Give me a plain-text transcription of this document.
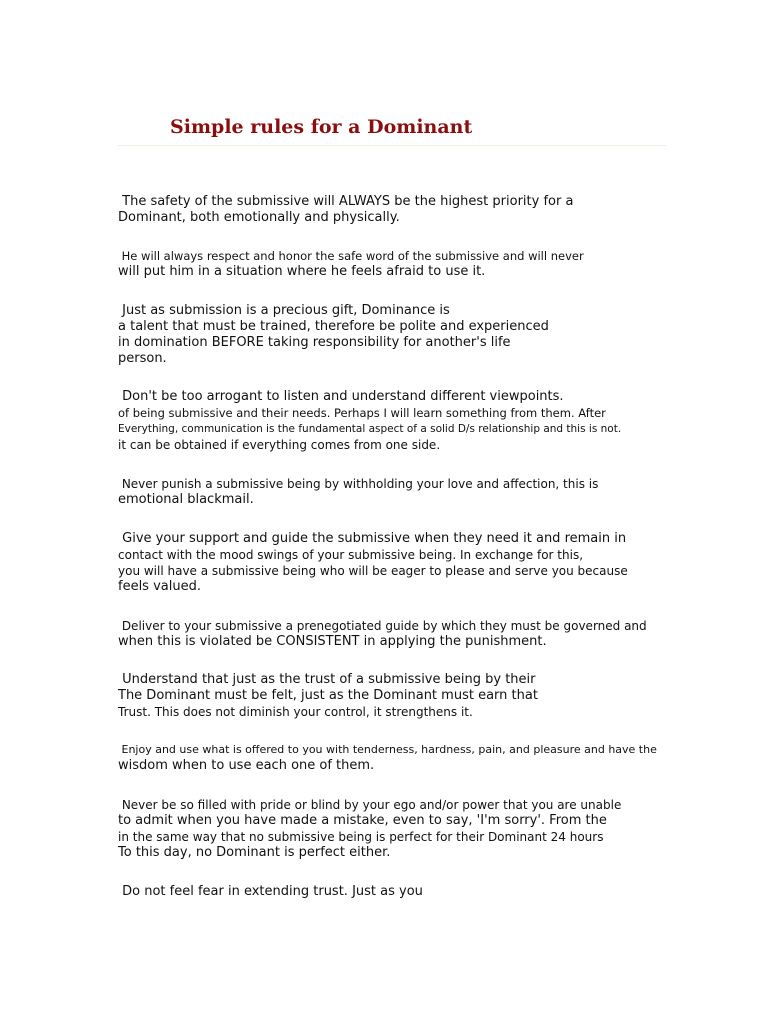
Simple rules for a Dominant

The safety of the submissive will ALWAYS be the highest priority for a
Dominant, both emotionally and physically.

He will always respect and honor the safe word of the submissive and will never
will put him in a situation where he feels afraid to use it.

Just as submission is a precious gift, Dominance is
a talent that must be trained, therefore be polite and experienced
in domination BEFORE taking responsibility for another's life
person.

Don't be too arrogant to listen and understand different viewpoints.
of being submissive and their needs. Perhaps I will learn something from them. After
Everything, communication is the fundamental aspect of a solid D/s relationship and this is not.
it can be obtained if everything comes from one side.

Never punish a submissive being by withholding your love and affection, this is
emotional blackmail.

Give your support and guide the submissive when they need it and remain in
contact with the mood swings of your submissive being. In exchange for this,
you will have a submissive being who will be eager to please and serve you because
feels valued.

Deliver to your submissive a prenegotiated guide by which they must be governed and
when this is violated be CONSISTENT in applying the punishment.

Understand that just as the trust of a submissive being by their
The Dominant must be felt, just as the Dominant must earn that
Trust. This does not diminish your control, it strengthens it.

Enjoy and use what is offered to you with tenderness, hardness, pain, and pleasure and have the
wisdom when to use each one of them.

Never be so filled with pride or blind by your ego and/or power that you are unable
to admit when you have made a mistake, even to say, 'I'm sorry'. From the
in the same way that no submissive being is perfect for their Dominant 24 hours
To this day, no Dominant is perfect either.

Do not feel fear in extending trust. Just as you
